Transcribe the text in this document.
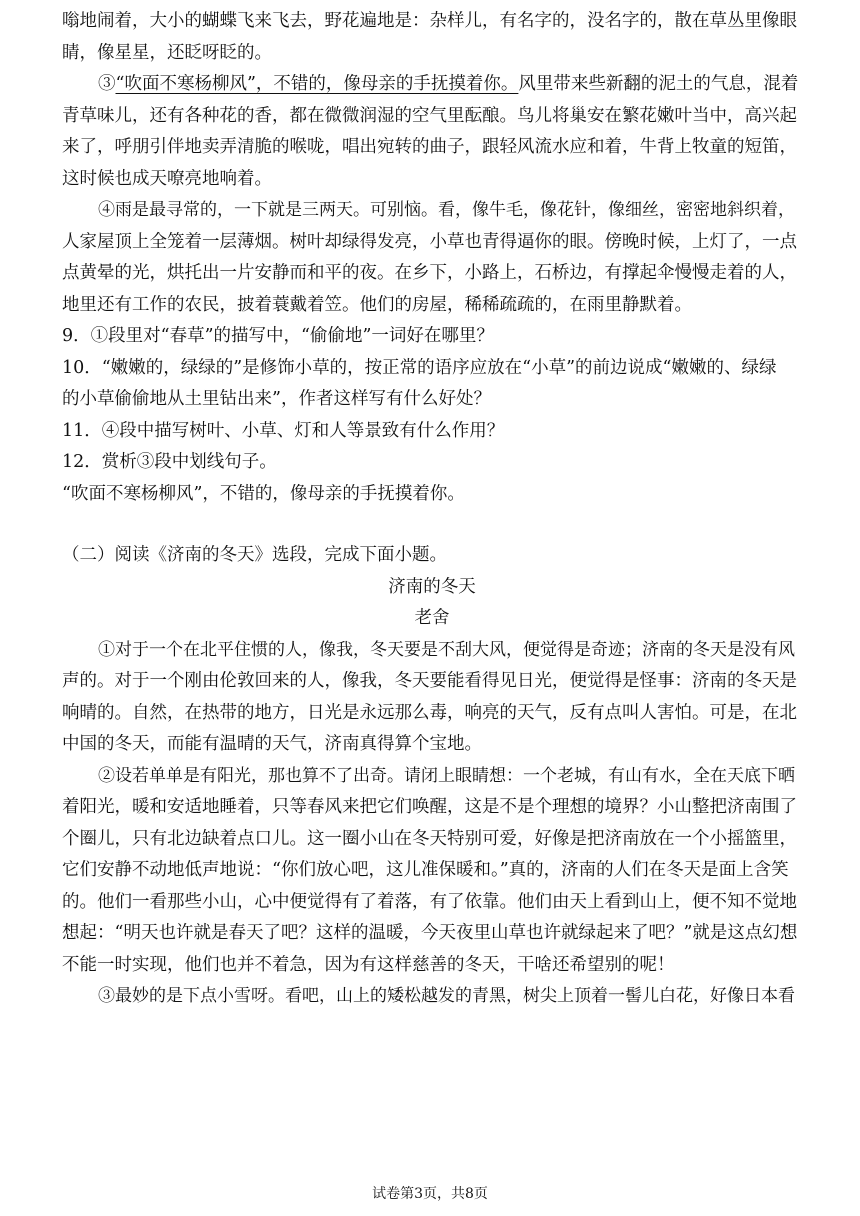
嗡地闹着，大小的蝴蝶飞来飞去，野花遍地是：杂样儿，有名字的，没名字的，散在草丛里像眼
睛，像星星，还眨呀眨的。
③“吹面不寒杨柳风”，不错的，像母亲的手抚摸着你。风里带来些新翻的泥土的气息，混着
青草味儿，还有各种花的香，都在微微润湿的空气里酝酿。鸟儿将巢安在繁花嫩叶当中，高兴起
来了，呼朋引伴地卖弄清脆的喉咙，唱出宛转的曲子，跟轻风流水应和着，牛背上牧童的短笛，
这时候也成天嘹亮地响着。
④雨是最寻常的，一下就是三两天。可别恼。看，像牛毛，像花针，像细丝，密密地斜织着，
人家屋顶上全笼着一层薄烟。树叶却绿得发亮，小草也青得逼你的眼。傍晚时候，上灯了，一点
点黄晕的光，烘托出一片安静而和平的夜。在乡下，小路上，石桥边，有撑起伞慢慢走着的人，
地里还有工作的农民，披着蓑戴着笠。他们的房屋，稀稀疏疏的，在雨里静默着。
9．①段里对“春草”的描写中，“偷偷地”一词好在哪里？
10．“嫩嫩的，绿绿的”是修饰小草的，按正常的语序应放在“小草”的前边说成“嫩嫩的、绿绿
的小草偷偷地从土里钻出来”，作者这样写有什么好处？
11．④段中描写树叶、小草、灯和人等景致有什么作用？
12．赏析③段中划线句子。
“吹面不寒杨柳风”，不错的，像母亲的手抚摸着你。
（二）阅读《济南的冬天》选段，完成下面小题。
济南的冬天
老舍
①对于一个在北平住惯的人，像我，冬天要是不刮大风，便觉得是奇迹；济南的冬天是没有风
声的。对于一个刚由伦敦回来的人，像我，冬天要能看得见日光，便觉得是怪事：济南的冬天是
响晴的。自然，在热带的地方，日光是永远那么毒，响亮的天气，反有点叫人害怕。可是，在北
中国的冬天，而能有温晴的天气，济南真得算个宝地。
②设若单单是有阳光，那也算不了出奇。请闭上眼睛想：一个老城，有山有水，全在天底下晒
着阳光，暖和安适地睡着，只等春风来把它们唤醒，这是不是个理想的境界？小山整把济南围了
个圈儿，只有北边缺着点口儿。这一圈小山在冬天特别可爱，好像是把济南放在一个小摇篮里，
它们安静不动地低声地说：“你们放心吧，这儿准保暖和。”真的，济南的人们在冬天是面上含笑
的。他们一看那些小山，心中便觉得有了着落，有了依靠。他们由天上看到山上，便不知不觉地
想起：“明天也许就是春天了吧？这样的温暖，今天夜里山草也许就绿起来了吧？”就是这点幻想
不能一时实现，他们也并不着急，因为有这样慈善的冬天，干啥还希望别的呢！
③最妙的是下点小雪呀。看吧，山上的矮松越发的青黑，树尖上顶着一髻儿白花，好像日本看
试卷第3页，共8页
